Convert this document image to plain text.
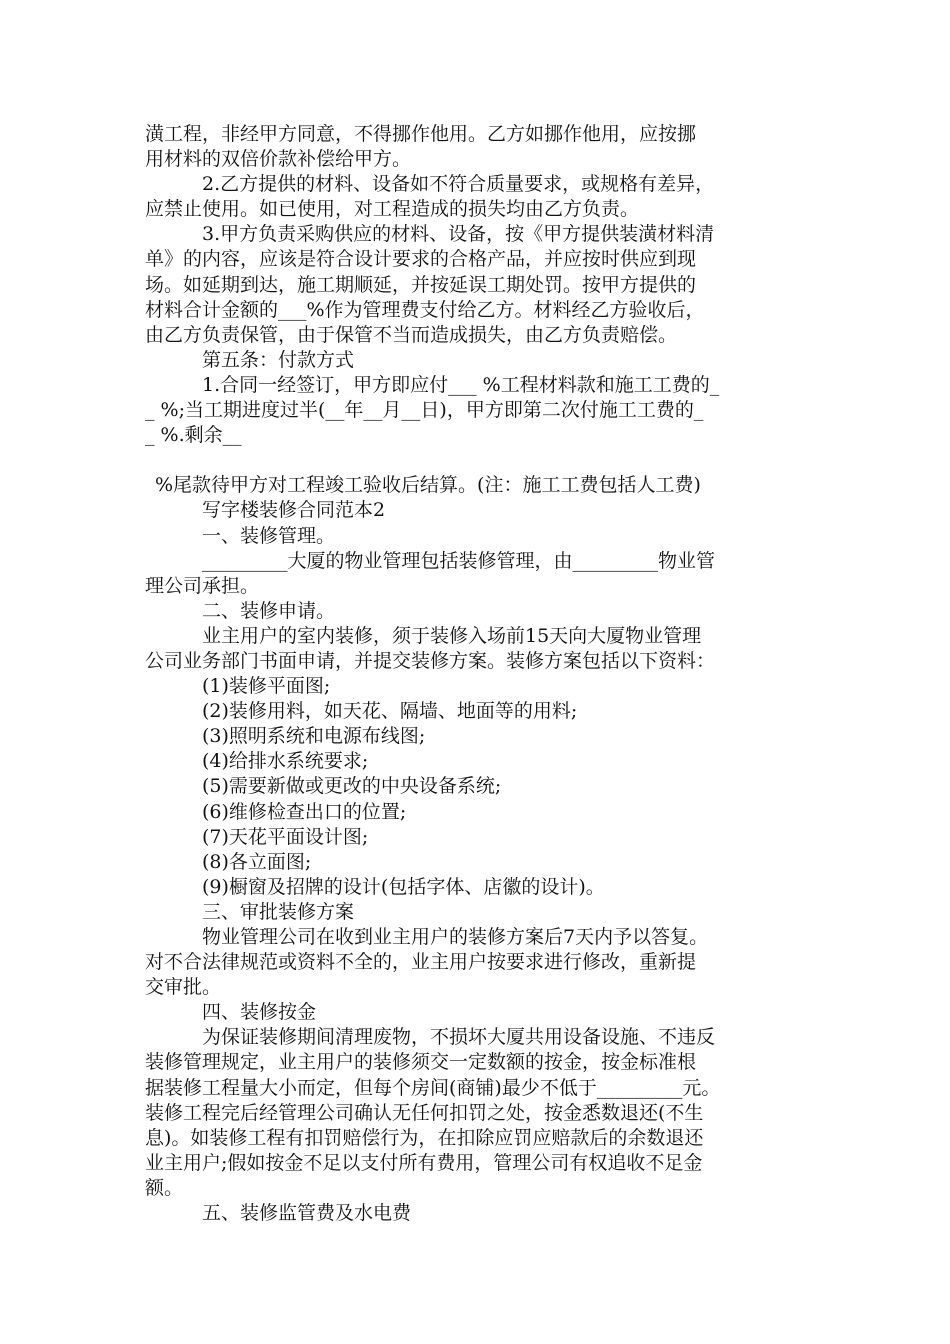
潢工程，非经甲方同意，不得挪作他用。乙方如挪作他用，应按挪
用材料的双倍价款补偿给甲方。
2.乙方提供的材料、设备如不符合质量要求，或规格有差异，
应禁止使用。如已使用，对工程造成的损失均由乙方负责。
3.甲方负责采购供应的材料、设备，按《甲方提供装潢材料清
单》的内容，应该是符合设计要求的合格产品，并应按时供应到现
场。如延期到达，施工期顺延，并按延误工期处罚。按甲方提供的
材料合计金额的___%作为管理费支付给乙方。材料经乙方验收后，
由乙方负责保管，由于保管不当而造成损失，由乙方负责赔偿。
第五条：付款方式
1.合同一经签订，甲方即应付___ %工程材料款和施工工费的_
_ %;当工期进度过半(__年__月__日)，甲方即第二次付施工工费的_
_ %.剩余__
%尾款待甲方对工程竣工验收后结算。(注：施工工费包括人工费)
写字楼装修合同范本2
一、装修管理。
_________大厦的物业管理包括装修管理，由_________物业管
理公司承担。
二、装修申请。
业主用户的室内装修，须于装修入场前15天向大厦物业管理
公司业务部门书面申请，并提交装修方案。装修方案包括以下资料：
(1)装修平面图;
(2)装修用料，如天花、隔墙、地面等的用料;
(3)照明系统和电源布线图;
(4)给排水系统要求;
(5)需要新做或更改的中央设备系统;
(6)维修检查出口的位置;
(7)天花平面设计图;
(8)各立面图;
(9)橱窗及招牌的设计(包括字体、店徽的设计)。
三、审批装修方案
物业管理公司在收到业主用户的装修方案后7天内予以答复。
对不合法律规范或资料不全的，业主用户按要求进行修改，重新提
交审批。
四、装修按金
为保证装修期间清理废物，不损坏大厦共用设备设施、不违反
装修管理规定，业主用户的装修须交一定数额的按金，按金标准根
据装修工程量大小而定，但每个房间(商铺)最少不低于_________元。
装修工程完后经管理公司确认无任何扣罚之处，按金悉数退还(不生
息)。如装修工程有扣罚赔偿行为，在扣除应罚应赔款后的余数退还
业主用户;假如按金不足以支付所有费用，管理公司有权追收不足金
额。
五、装修监管费及水电费
